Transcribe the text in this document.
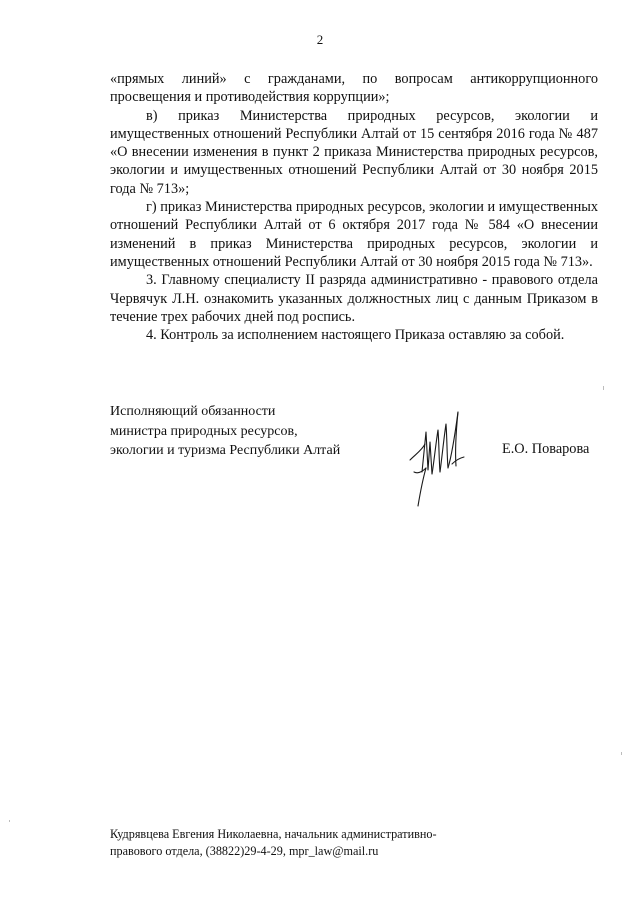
2

«прямых линий» с гражданами, по вопросам антикоррупционного просвещения и противодействия коррупции»;

в) приказ Министерства природных ресурсов, экологии и имущественных отношений Республики Алтай от 15 сентября 2016 года № 487 «О внесении изменения в пункт 2 приказа Министерства природных ресурсов, экологии и имущественных отношений Республики Алтай от 30 ноября 2015 года № 713»;

г) приказ Министерства природных ресурсов, экологии и имущественных отношений Республики Алтай от 6 октября 2017 года № 584 «О внесении изменений в приказ Министерства природных ресурсов, экологии и имущественных отношений Республики Алтай от 30 ноября 2015 года № 713».

3. Главному специалисту II разряда административно - правового отдела Червячук Л.Н. ознакомить указанных должностных лиц с данным Приказом в течение трех рабочих дней под роспись.

4. Контроль за исполнением настоящего Приказа оставляю за собой.

Исполняющий обязанности
министра природных ресурсов,
экологии и туризма Республики Алтай	Е.О. Поварова
Кудрявцева Евгения Николаевна, начальник административно-
правового отдела, (38822)29-4-29, mpr_law@mail.ru
